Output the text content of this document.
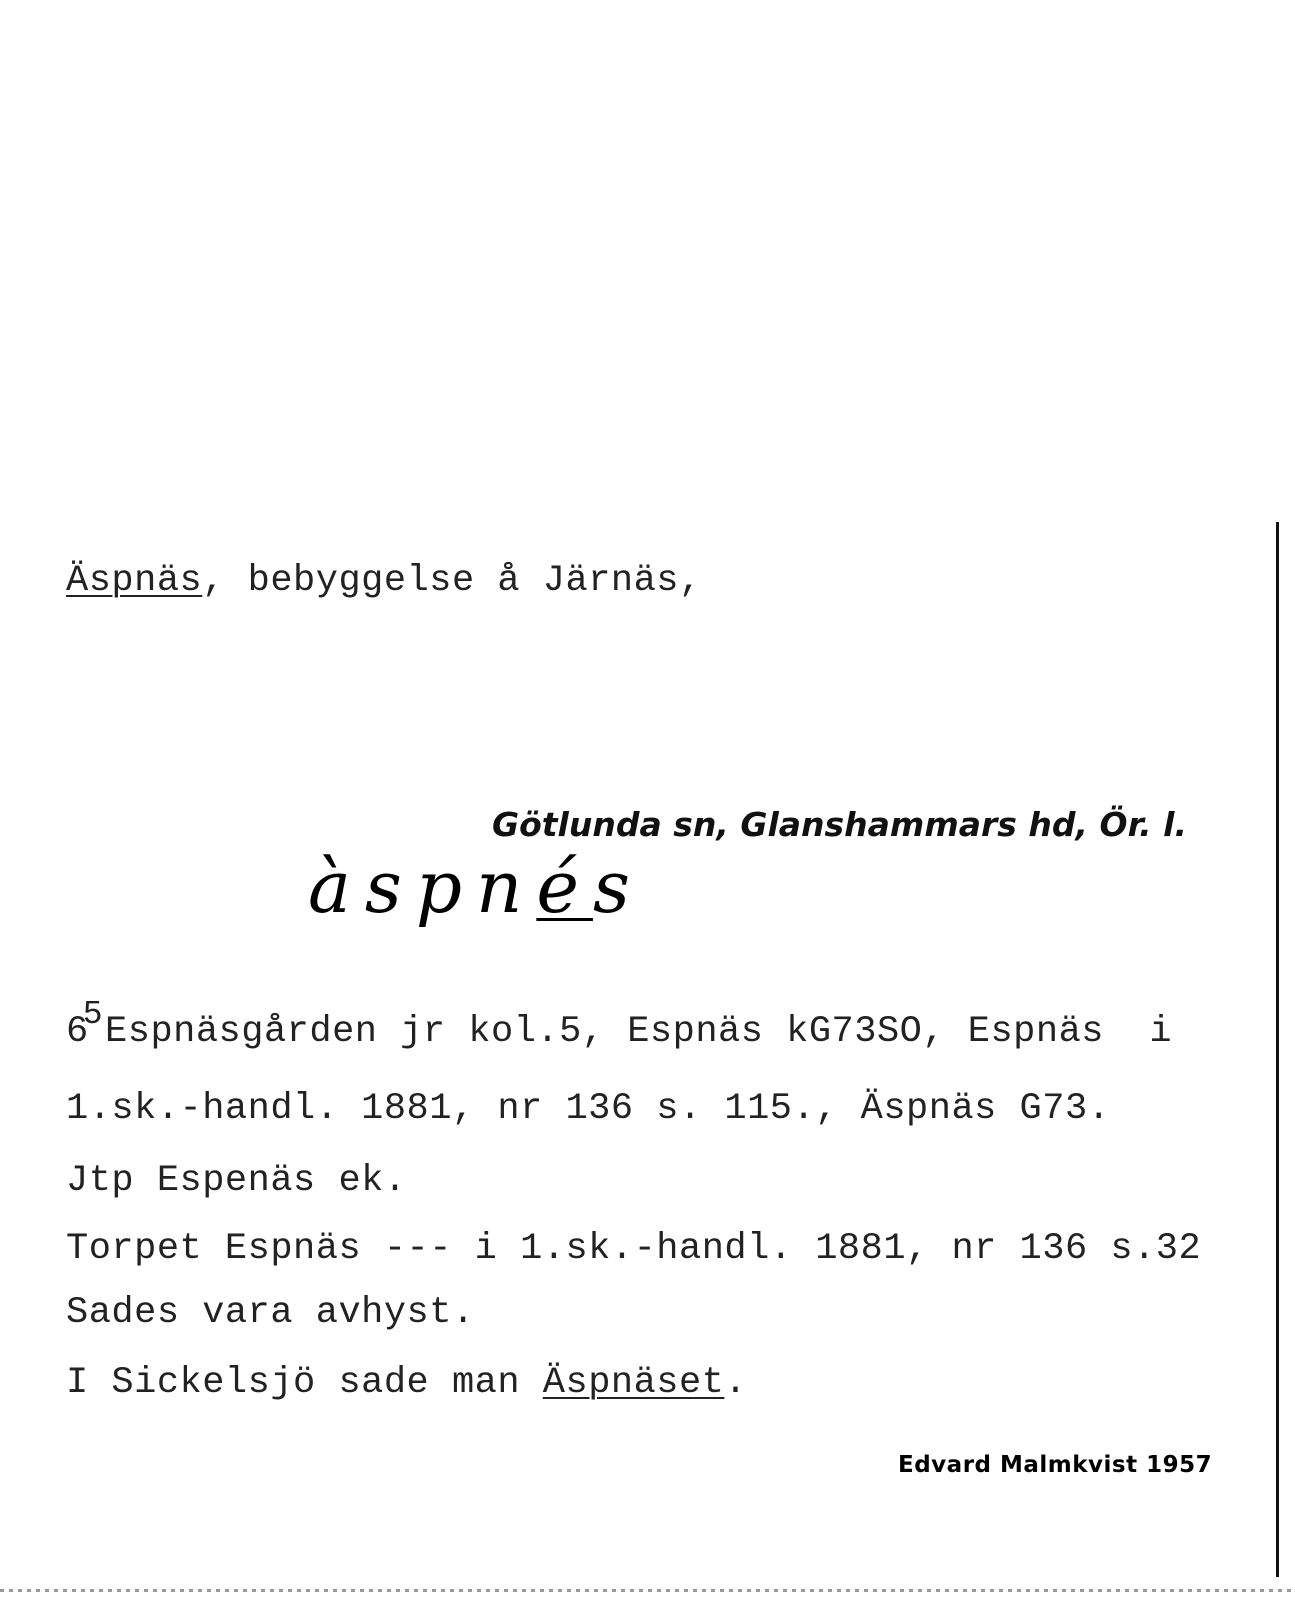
Äspnäs, bebyggelse å Järnäs,
Götlunda sn, Glanshammars hd, Ör. l.
àspnés
65Espnäsgården jr kol.5, Espnäs kG73SO, Espnäs  i
1.sk.-handl. 1881, nr 136 s. 115., Äspnäs G73.
Jtp Espenäs ek.
Torpet Espnäs --- i 1.sk.-handl. 1881, nr 136 s.32
Sades vara avhyst.
I Sickelsjö sade man Äspnäset.
Edvard Malmkvist 1957
